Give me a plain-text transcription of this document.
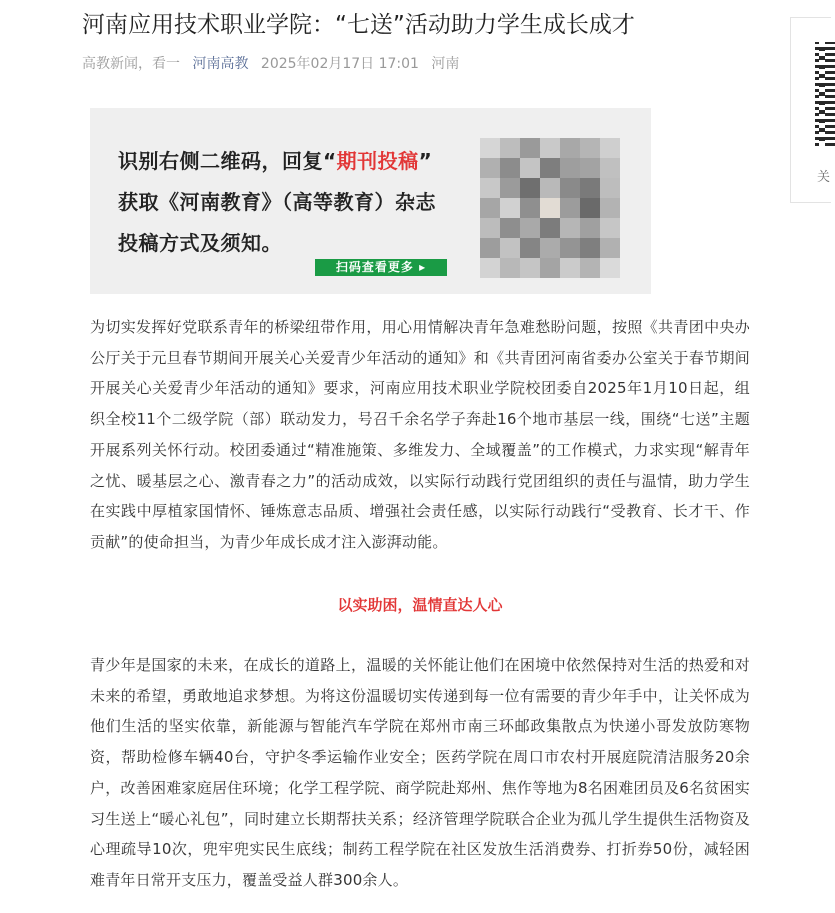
河南应用技术职业学院：“七送”活动助力学生成长成才
高教新闻，看一 河南高教 2025年02月17日 17:01 河南
识别右侧二维码，回复“期刊投稿”
获取《河南教育》（高等教育）杂志
投稿方式及须知。
扫码查看更多 ▸

为切实发挥好党联系青年的桥梁纽带作用，用心用情解决青年急难愁盼问题，按照《共青团中央办公厅关于元旦春节期间开展关心关爱青少年活动的通知》和《共青团河南省委办公室关于春节期间开展关心关爱青少年活动的通知》要求，河南应用技术职业学院校团委自2025年1月10日起，组织全校11个二级学院（部）联动发力，号召千余名学子奔赴16个地市基层一线，围绕“七送”主题开展系列关怀行动。校团委通过“精准施策、多维发力、全域覆盖”的工作模式，力求实现“解青年之忧、暖基层之心、激青春之力”的活动成效，以实际行动践行党团组织的责任与温情，助力学生在实践中厚植家国情怀、锤炼意志品质、增强社会责任感，以实际行动践行“受教育、长才干、作贡献”的使命担当，为青少年成长成才注入澎湃动能。

以实助困，温情直达人心

青少年是国家的未来，在成长的道路上，温暖的关怀能让他们在困境中依然保持对生活的热爱和对未来的希望，勇敢地追求梦想。为将这份温暖切实传递到每一位有需要的青少年手中，让关怀成为他们生活的坚实依靠，新能源与智能汽车学院在郑州市南三环邮政集散点为快递小哥发放防寒物资，帮助检修车辆40台，守护冬季运输作业安全；医药学院在周口市农村开展庭院清洁服务20余户，改善困难家庭居住环境；化学工程学院、商学院赴郑州、焦作等地为8名困难团员及6名贫困实习生送上“暖心礼包”，同时建立长期帮扶关系；经济管理学院联合企业为孤儿学生提供生活物资及心理疏导10次，兜牢兜实民生底线；制药工程学院在社区发放生活消费券、打折券50份，减轻困难青年日常开支压力，覆盖受益人群300余人。

关
